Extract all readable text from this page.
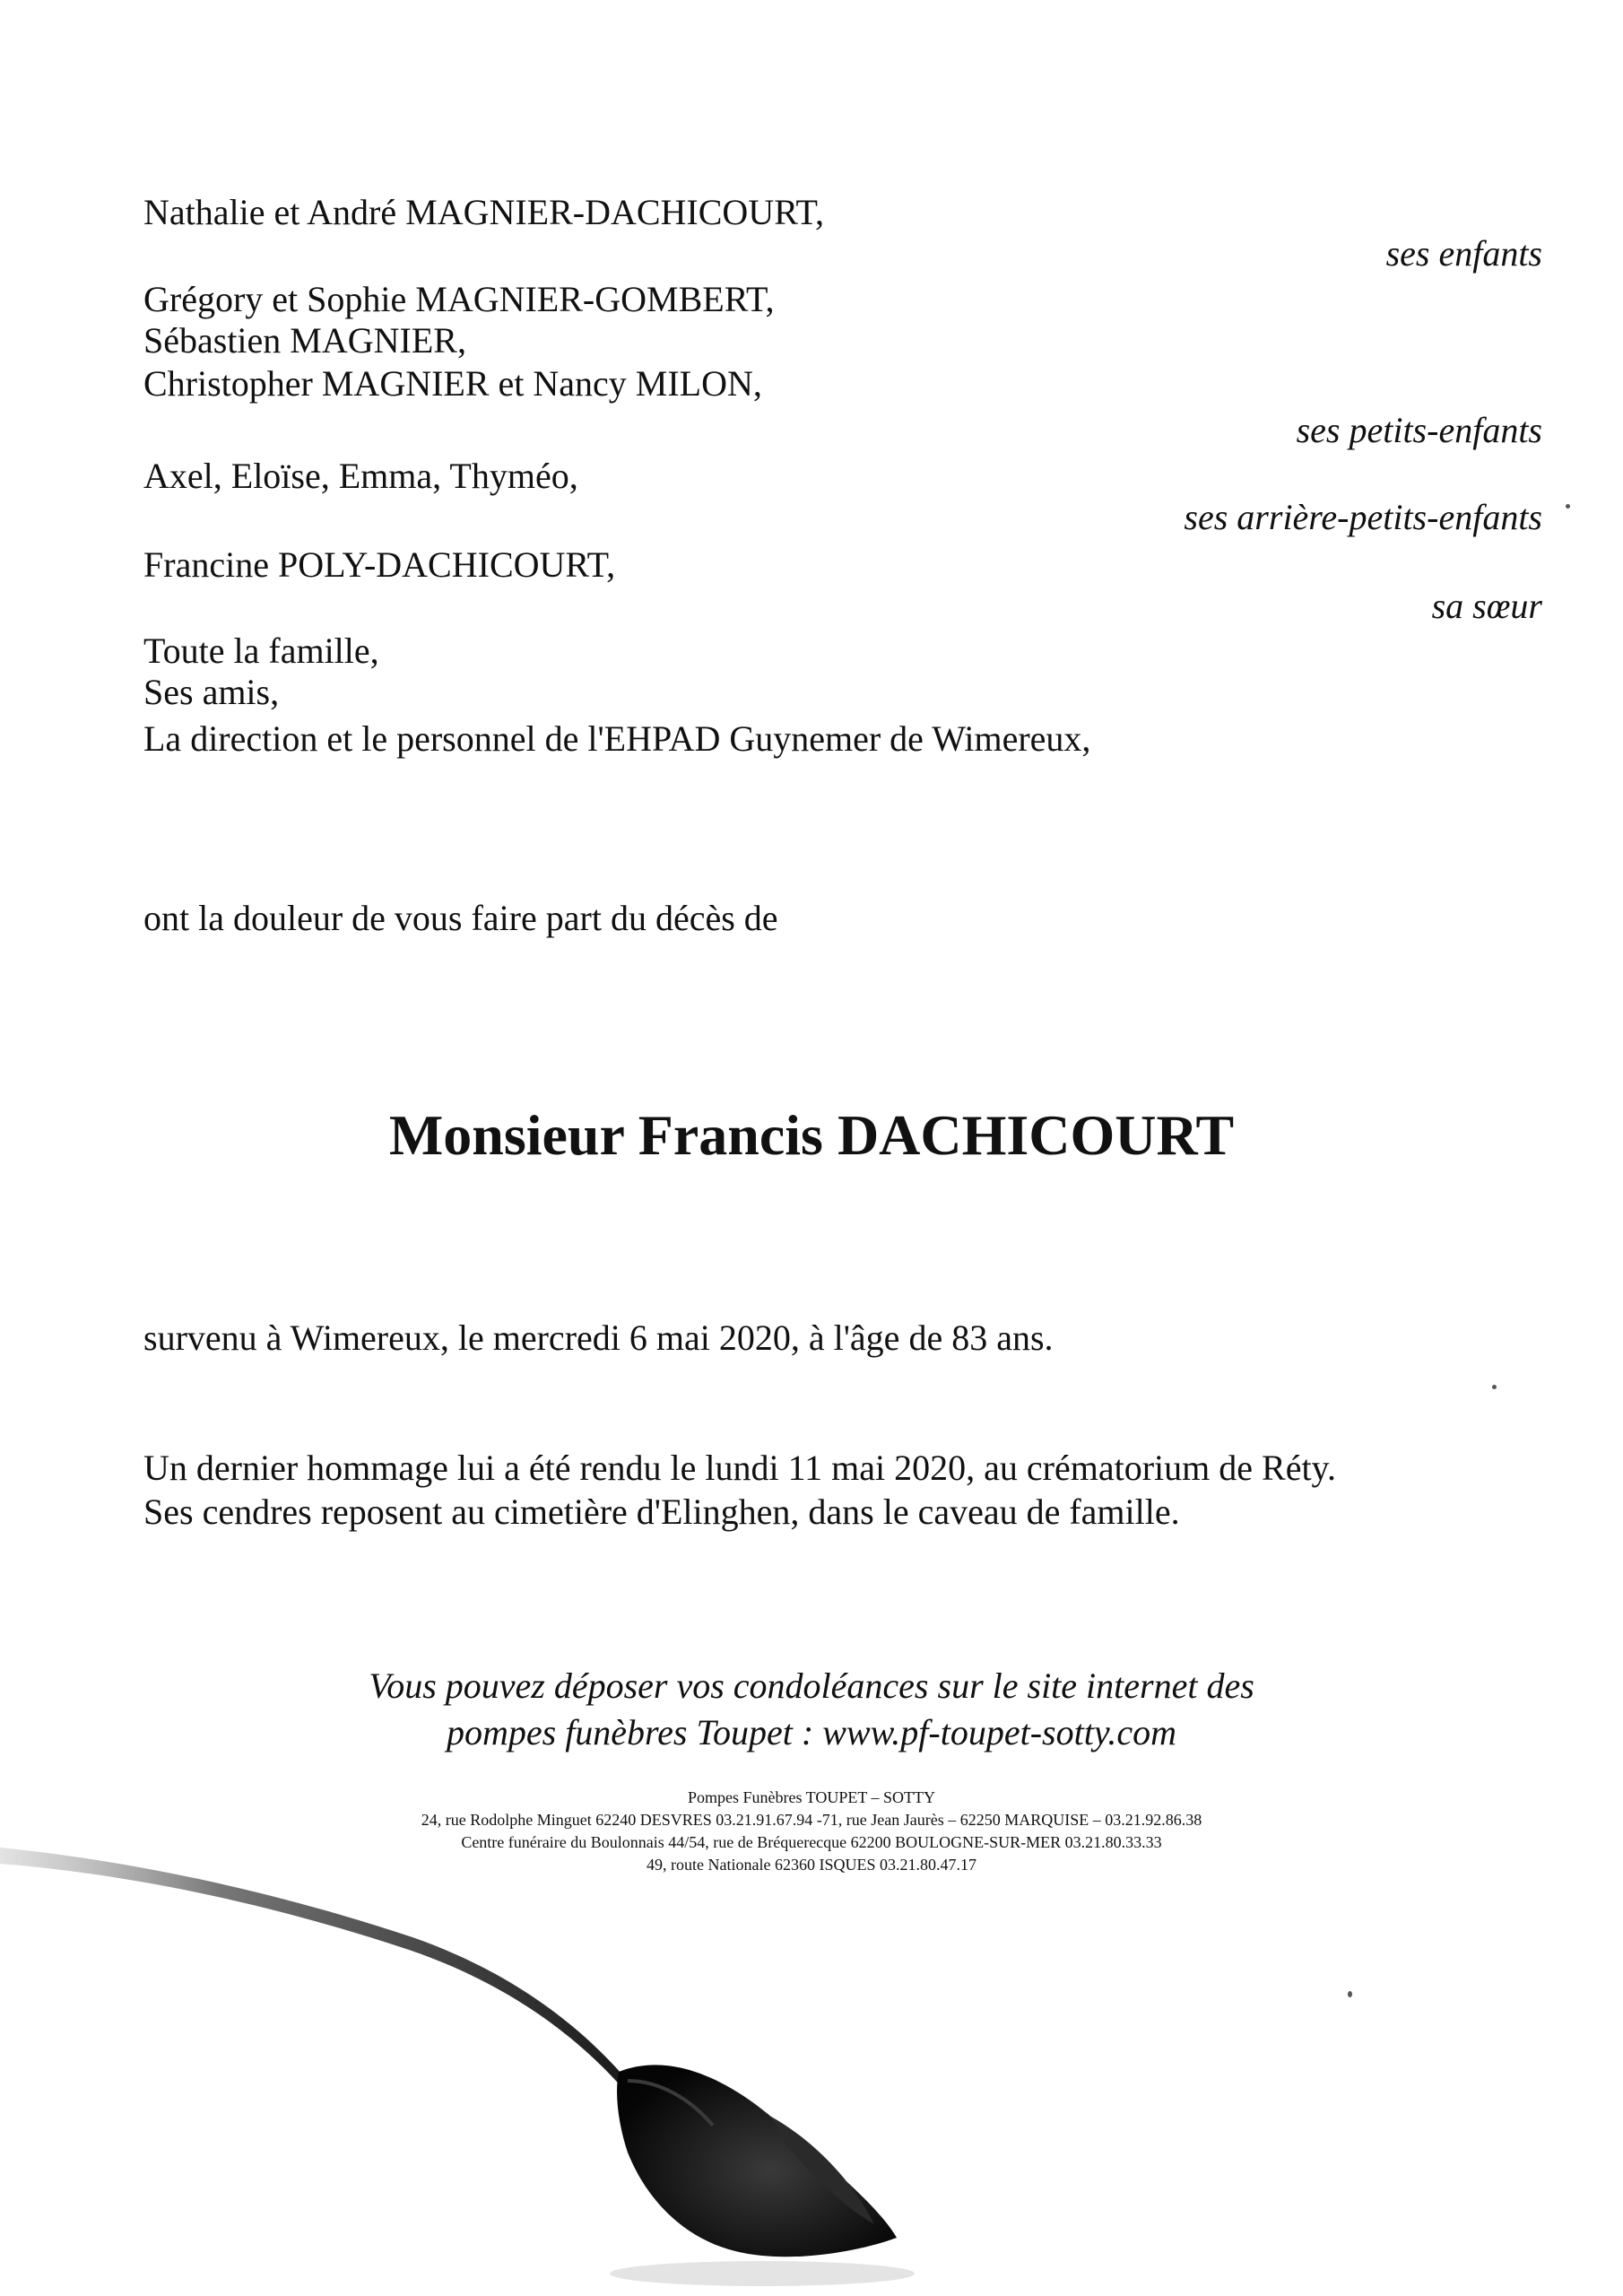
Nathalie et André MAGNIER-DACHICOURT,
ses enfants
Grégory et Sophie MAGNIER-GOMBERT,
Sébastien MAGNIER,
Christopher MAGNIER et Nancy MILON,
ses petits-enfants
Axel, Eloïse, Emma, Thyméo,
ses arrière-petits-enfants
Francine POLY-DACHICOURT,
sa sœur
Toute la famille,
Ses amis,
La direction et le personnel de l'EHPAD Guynemer de Wimereux,
ont la douleur de vous faire part du décès de
Monsieur Francis DACHICOURT
survenu à Wimereux, le mercredi 6 mai 2020, à l'âge de 83 ans.
Un dernier hommage lui a été rendu le lundi 11 mai 2020, au crématorium de Réty.
Ses cendres reposent au cimetière d'Elinghen, dans le caveau de famille.
Vous pouvez déposer vos condoléances sur le site internet des
pompes funèbres Toupet : www.pf-toupet-sotty.com
Pompes Funèbres TOUPET – SOTTY
24, rue Rodolphe Minguet 62240 DESVRES 03.21.91.67.94 -71, rue Jean Jaurès – 62250 MARQUISE – 03.21.92.86.38
Centre funéraire du Boulonnais 44/54, rue de Bréquerecque 62200 BOULOGNE-SUR-MER 03.21.80.33.33
49, route Nationale 62360 ISQUES 03.21.80.47.17
